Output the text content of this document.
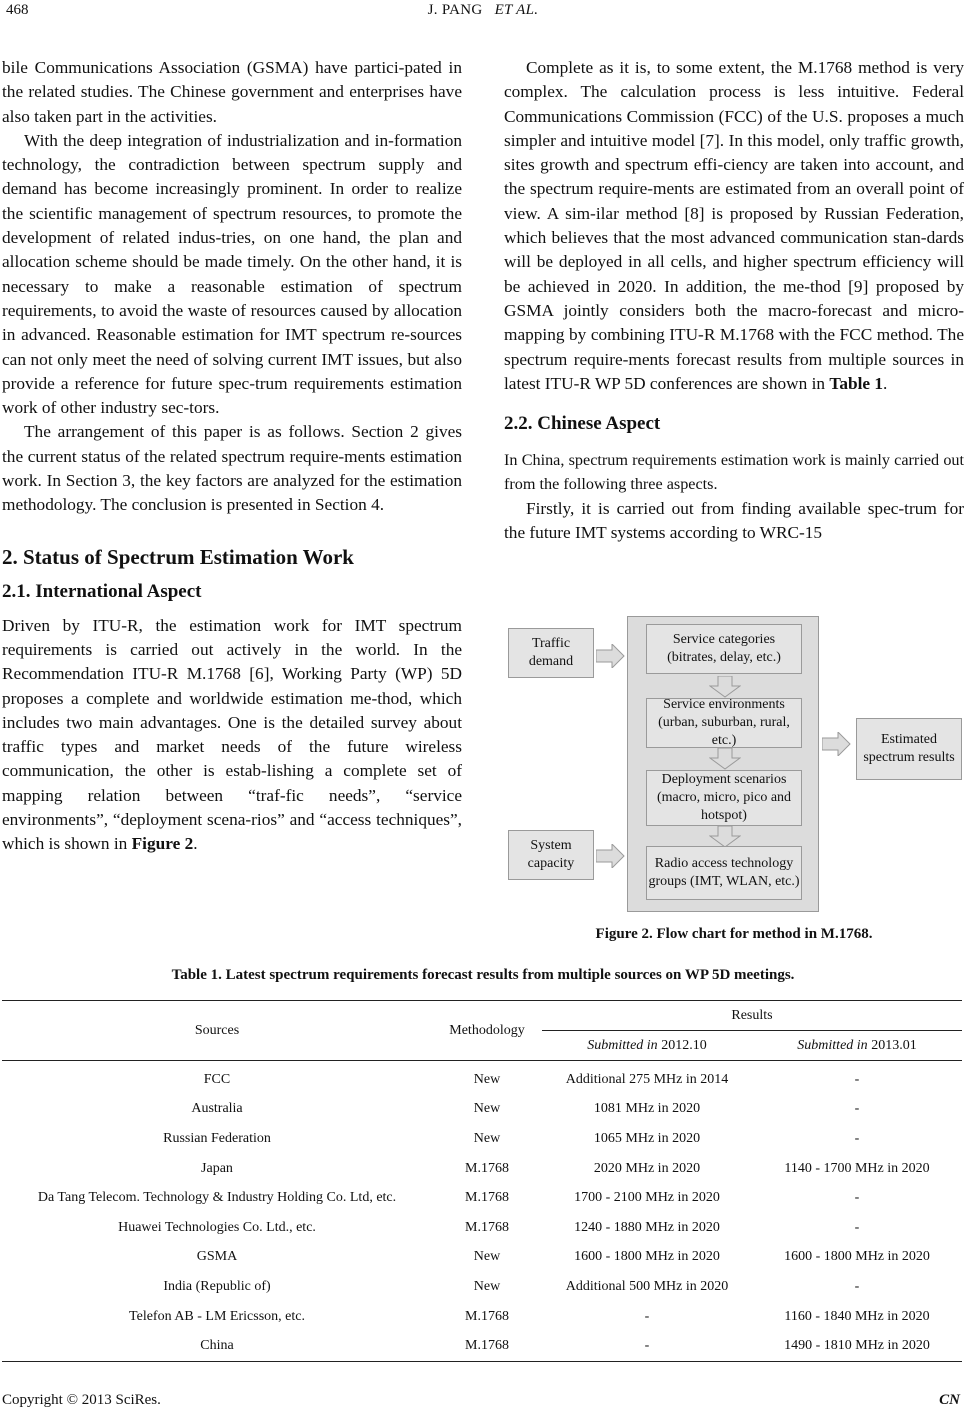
468	J. PANG ET AL.

bile Communications Association (GSMA) have partici-pated in the related studies. The Chinese government and enterprises have also taken part in the activities.

With the deep integration of industrialization and in-formation technology, the contradiction between spectrum supply and demand has become increasingly prominent. In order to realize the scientific management of spectrum resources, to promote the development of related indus-tries, on one hand, the plan and allocation scheme should be made timely. On the other hand, it is necessary to make a reasonable estimation of spectrum requirements, to avoid the waste of resources caused by allocation in advanced. Reasonable estimation for IMT spectrum re-sources can not only meet the need of solving current IMT issues, but also provide a reference for future spec-trum requirements estimation work of other industry sec-tors.

The arrangement of this paper is as follows. Section 2 gives the current status of the related spectrum require-ments estimation work. In Section 3, the key factors are analyzed for the estimation methodology. The conclusion is presented in Section 4.

2. Status of Spectrum Estimation Work
2.1. International Aspect

Driven by ITU-R, the estimation work for IMT spectrum requirements is carried out actively in the world. In the Recommendation ITU-R M.1768 [6], Working Party (WP) 5D proposes a complete and worldwide estimation me-thod, which includes two main advantages. One is the detailed survey about traffic types and market needs of the future wireless communication, the other is estab-lishing a complete set of mapping relation between “traf-fic needs”, “service environments”, “deployment scena-rios” and “access techniques”, which is shown in Figure 2.

Complete as it is, to some extent, the M.1768 method is very complex. The calculation process is less intuitive. Federal Communications Commission (FCC) of the U.S. proposes a much simpler and intuitive model [7]. In this model, only traffic growth, sites growth and spectrum effi-ciency are taken into account, and the spectrum require-ments are estimated from an overall point of view. A sim-ilar method [8] is proposed by Russian Federation, which believes that the most advanced communication stan-dards will be deployed in all cells, and higher spectrum efficiency will be achieved in 2020. In addition, the me-thod [9] proposed by GSMA jointly considers both the macro-forecast and micro-mapping by combining ITU-R M.1768 with the FCC method. The spectrum require-ments forecast results from multiple sources in latest ITU-R WP 5D conferences are shown in Table 1.

2.2. Chinese Aspect

In China, spectrum requirements estimation work is mainly carried out from the following three aspects.

Firstly, it is carried out from finding available spec-trum for the future IMT systems according to WRC-15

Traffic demand
System capacity
Service categories (bitrates, delay, etc.)
Service environments (urban, suburban, rural, etc.)
Deployment scenarios (macro, micro, pico and hotspot)
Radio access technology groups (IMT, WLAN, etc.)
Estimated spectrum results
Figure 2. Flow chart for method in M.1768.
Table 1. Latest spectrum requirements forecast results from multiple sources on WP 5D meetings.
Sources	Methodology	Results	
		Submitted in 2012.10	Submitted in 2013.01
FCC	New	Additional 275 MHz in 2014	-
Australia	New	1081 MHz in 2020	-
Russian Federation	New	1065 MHz in 2020	-
Japan	M.1768	2020 MHz in 2020	1140 - 1700 MHz in 2020
Da Tang Telecom. Technology & Industry Holding Co. Ltd, etc.	M.1768	1700 - 2100 MHz in 2020	-
Huawei Technologies Co. Ltd., etc.	M.1768	1240 - 1880 MHz in 2020	-
GSMA	New	1600 - 1800 MHz in 2020	1600 - 1800 MHz in 2020
India (Republic of)	New	Additional 500 MHz in 2020	-
Telefon AB - LM Ericsson, etc.	M.1768	-	1160 - 1840 MHz in 2020
China	M.1768	-	1490 - 1810 MHz in 2020
Copyright © 2013 SciRes.	CN
